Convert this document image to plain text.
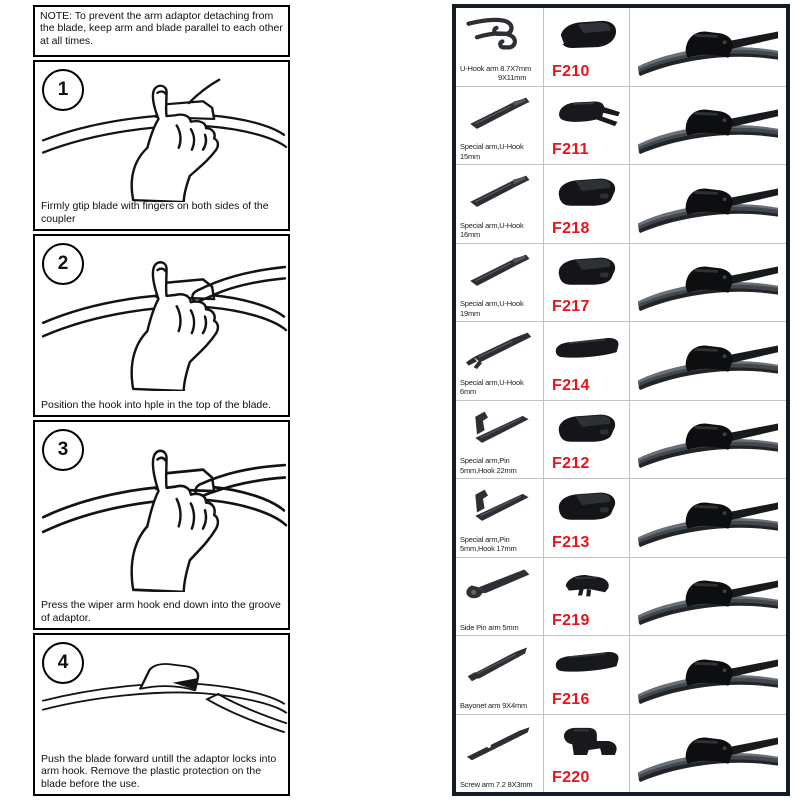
NOTE: To prevent the arm adaptor detaching from the blade, keep arm and blade parallel to each other at all times.
1
Firmly gtip blade with fingers on both sides of the coupler
2
Position the hook into hple in the top of the blade.
3
Press the wiper arm hook end down into the groove of adaptor.
4
Push the blade forward untill the adaptor locks into arm hook. Remove the plastic protection on the blade before the use.
U-Hook arm 8.7X7mm
9X11mm	F210
Special arm,U-Hook 15mm	F211
Special arm,U-Hook 16mm	F218
Special arm,U-Hook 19mm	F217
Special arm,U-Hook 6mm	F214
Special arm,Pin 5mm,Hook 22mm	F212
Special arm,Pin 5mm,Hook 17mm	F213
Side Pin arm 5mm	F219
Bayonet arm 9X4mm	F216
Screw arm 7.2 8X3mm	F220
